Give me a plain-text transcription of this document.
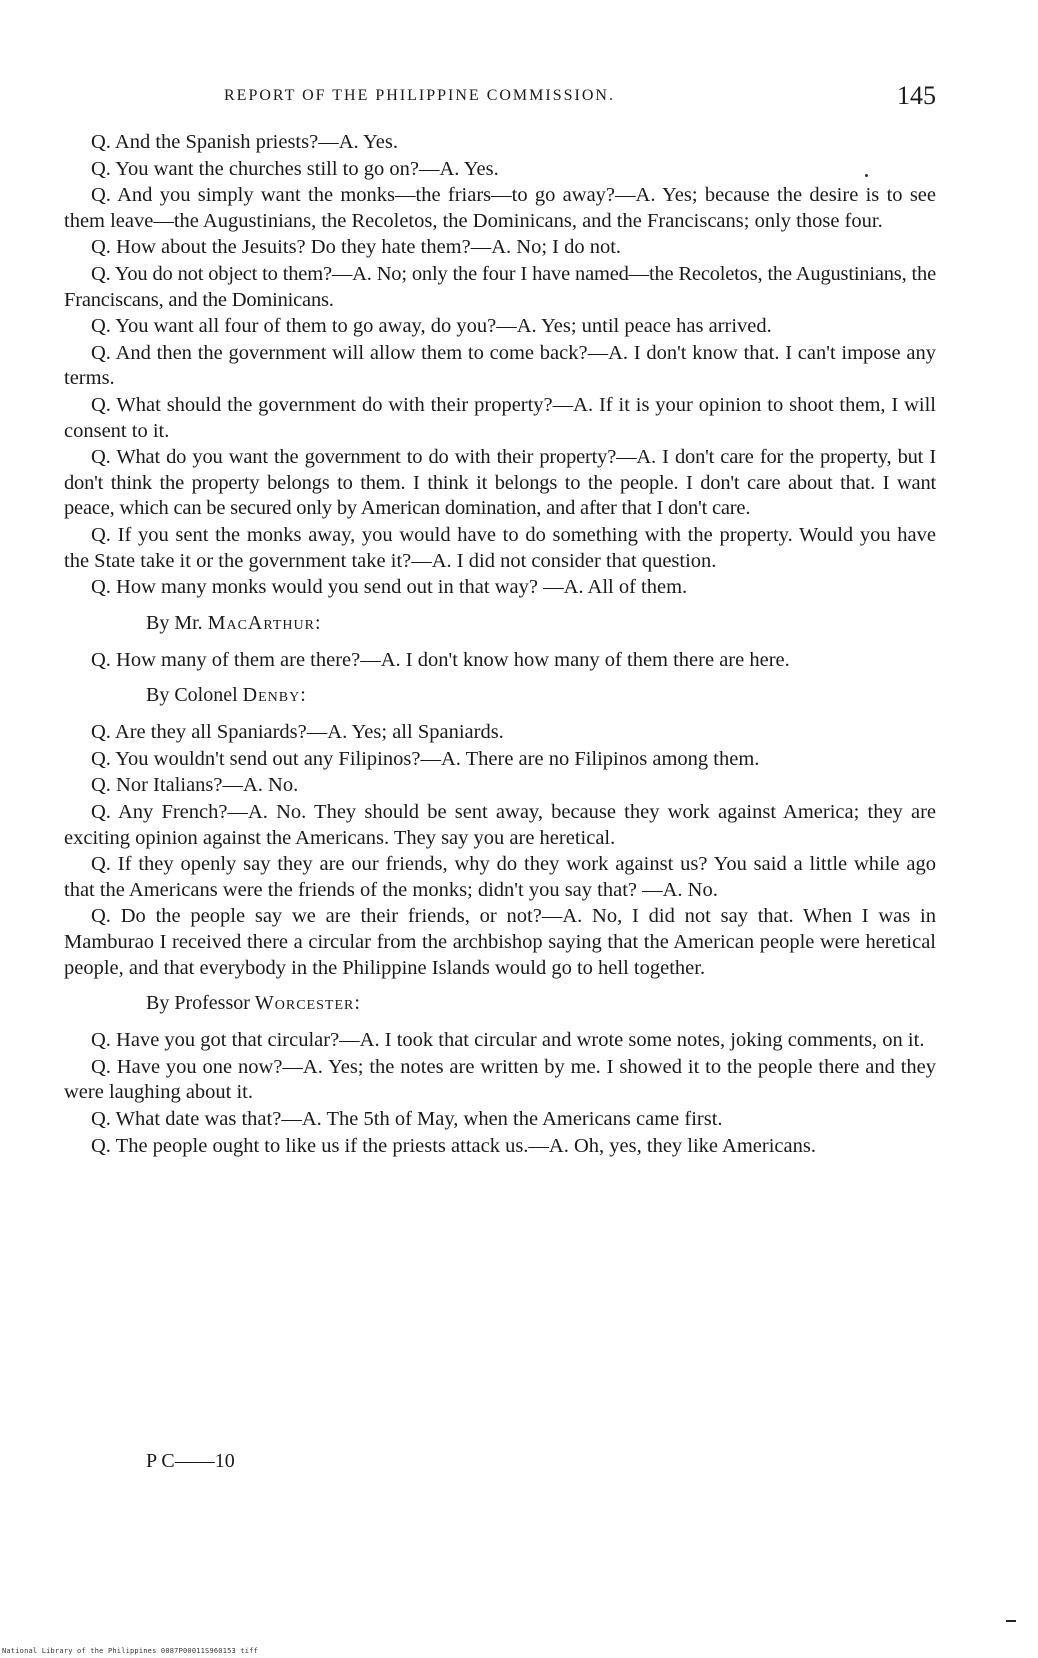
REPORT OF THE PHILIPPINE COMMISSION.	145

Q. And the Spanish priests?—A. Yes.

Q. You want the churches still to go on?—A. Yes.

Q. And you simply want the monks—the friars—to go away?—A. Yes; because the desire is to see them leave—the Augustinians, the Recoletos, the Dominicans, and the Franciscans; only those four.

Q. How about the Jesuits? Do they hate them?—A. No; I do not.

Q. You do not object to them?—A. No; only the four I have named—the Recoletos, the Augustinians, the Franciscans, and the Dominicans.

Q. You want all four of them to go away, do you?—A. Yes; until peace has arrived.

Q. And then the government will allow them to come back?—A. I don't know that. I can't impose any terms.

Q. What should the government do with their property?—A. If it is your opinion to shoot them, I will consent to it.

Q. What do you want the government to do with their property?—A. I don't care for the property, but I don't think the property belongs to them. I think it belongs to the people. I don't care about that. I want peace, which can be secured only by American domination, and after that I don't care.

Q. If you sent the monks away, you would have to do something with the property. Would you have the State take it or the government take it?—A. I did not consider that question.

Q. How many monks would you send out in that way? —A. All of them.

By Mr. MacArthur:

Q. How many of them are there?—A. I don't know how many of them there are here.

By Colonel Denby:

Q. Are they all Spaniards?—A. Yes; all Spaniards.

Q. You wouldn't send out any Filipinos?—A. There are no Filipinos among them.

Q. Nor Italians?—A. No.

Q. Any French?—A. No. They should be sent away, because they work against America; they are exciting opinion against the Americans. They say you are heretical.

Q. If they openly say they are our friends, why do they work against us? You said a little while ago that the Americans were the friends of the monks; didn't you say that? —A. No.

Q. Do the people say we are their friends, or not?—A. No, I did not say that. When I was in Mamburao I received there a circular from the archbishop saying that the American people were heretical people, and that everybody in the Philippine Islands would go to hell together.

By Professor Worcester:

Q. Have you got that circular?—A. I took that circular and wrote some notes, joking comments, on it.

Q. Have you one now?—A. Yes; the notes are written by me. I showed it to the people there and they were laughing about it.

Q. What date was that?—A. The 5th of May, when the Americans came first.

Q. The people ought to like us if the priests attack us.—A. Oh, yes, they like Americans.

P C——10
National Library of the Philippines 0087P00011S960153 tiff
